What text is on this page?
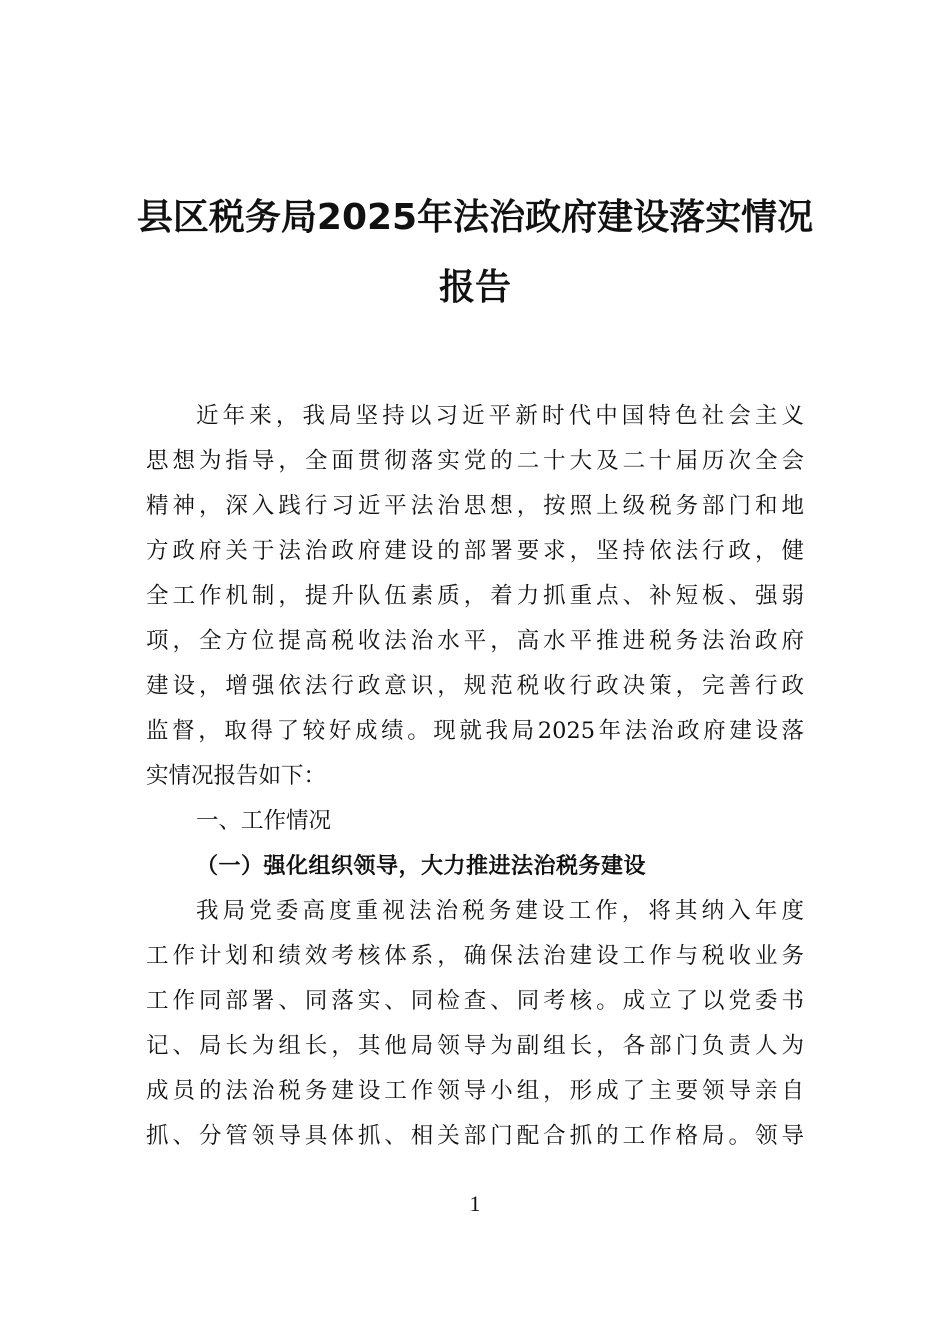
县区税务局2025年法治政府建设落实情况
报告
近年来，我局坚持以习近平新时代中国特色社会主义
思想为指导，全面贯彻落实党的二十大及二十届历次全会
精神，深入践行习近平法治思想，按照上级税务部门和地
方政府关于法治政府建设的部署要求，坚持依法行政，健
全工作机制，提升队伍素质，着力抓重点、补短板、强弱
项，全方位提高税收法治水平，高水平推进税务法治政府
建设，增强依法行政意识，规范税收行政决策，完善行政
监督，取得了较好成绩。现就我局2025年法治政府建设落
实情况报告如下：
一、工作情况
（一）强化组织领导，大力推进法治税务建设
我局党委高度重视法治税务建设工作，将其纳入年度
工作计划和绩效考核体系，确保法治建设工作与税收业务
工作同部署、同落实、同检查、同考核。成立了以党委书
记、局长为组长，其他局领导为副组长，各部门负责人为
成员的法治税务建设工作领导小组，形成了主要领导亲自
抓、分管领导具体抓、相关部门配合抓的工作格局。领导
1
